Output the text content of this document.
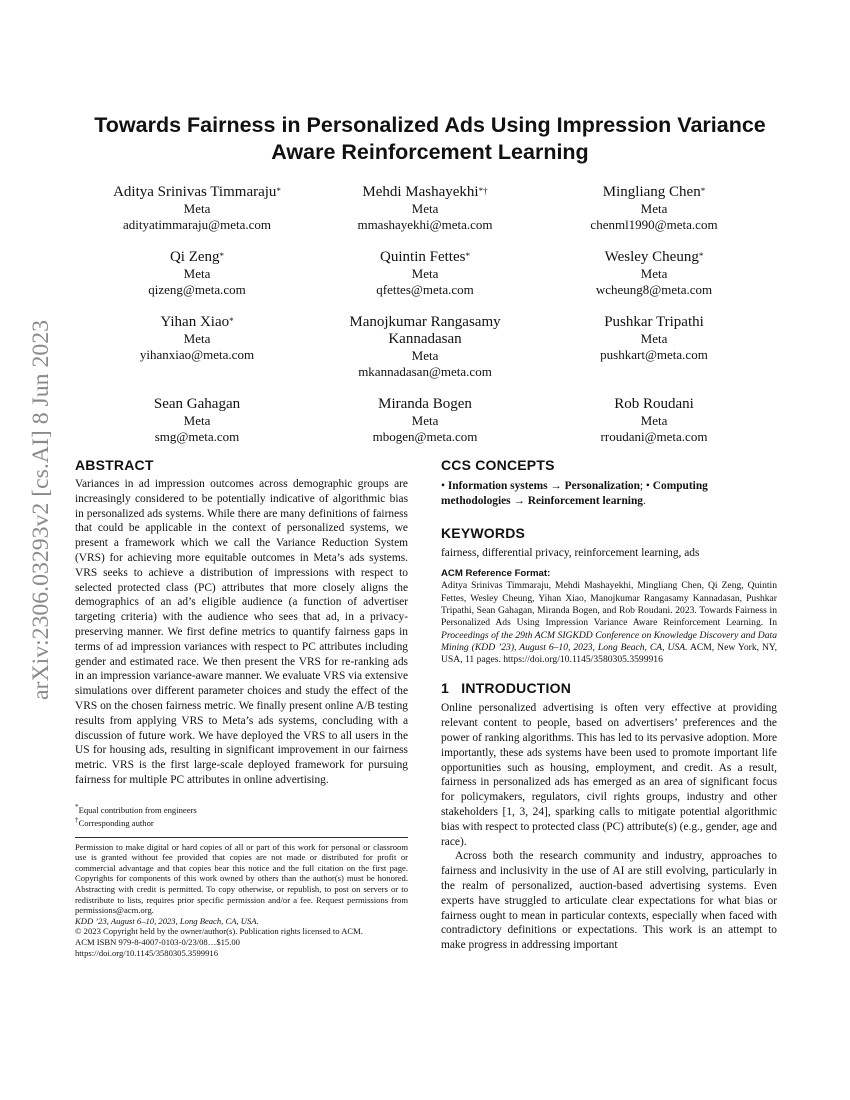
arXiv:2306.03293v2 [cs.AI] 8 Jun 2023
Towards Fairness in Personalized Ads Using Impression Variance Aware Reinforcement Learning
Aditya Srinivas Timmaraju*
Meta
adityatimmaraju@meta.com
Mehdi Mashayekhi*†
Meta
mmashayekhi@meta.com
Mingliang Chen*
Meta
chenml1990@meta.com
Qi Zeng*
Meta
qizeng@meta.com
Quintin Fettes*
Meta
qfettes@meta.com
Wesley Cheung*
Meta
wcheung8@meta.com
Yihan Xiao*
Meta
yihanxiao@meta.com
Manojkumar Rangasamy Kannadasan
Meta
mkannadasan@meta.com
Pushkar Tripathi
Meta
pushkart@meta.com
Sean Gahagan
Meta
smg@meta.com
Miranda Bogen
Meta
mbogen@meta.com
Rob Roudani
Meta
rroudani@meta.com
ABSTRACT

Variances in ad impression outcomes across demographic groups are increasingly considered to be potentially indicative of algorithmic bias in personalized ads systems. While there are many definitions of fairness that could be applicable in the context of personalized systems, we present a framework which we call the Variance Reduction System (VRS) for achieving more equitable outcomes in Meta’s ads systems. VRS seeks to achieve a distribution of impressions with respect to selected protected class (PC) attributes that more closely aligns the demographics of an ad’s eligible audience (a function of advertiser targeting criteria) with the audience who sees that ad, in a privacy-preserving manner. We first define metrics to quantify fairness gaps in terms of ad impression variances with respect to PC attributes including gender and estimated race. We then present the VRS for re-ranking ads in an impression variance-aware manner. We evaluate VRS via extensive simulations over different parameter choices and study the effect of the VRS on the chosen fairness metric. We finally present online A/B testing results from applying VRS to Meta’s ads systems, concluding with a discussion of future work. We have deployed the VRS to all users in the US for housing ads, resulting in significant improvement in our fairness metric. VRS is the first large-scale deployed framework for pursuing fairness for multiple PC attributes in online advertising.

*Equal contribution from engineers
†Corresponding author

Permission to make digital or hard copies of all or part of this work for personal or classroom use is granted without fee provided that copies are not made or distributed for profit or commercial advantage and that copies bear this notice and the full citation on the first page. Copyrights for components of this work owned by others than the author(s) must be honored. Abstracting with credit is permitted. To copy otherwise, or republish, to post on servers or to redistribute to lists, requires prior specific permission and/or a fee. Request permissions from permissions@acm.org.

KDD ’23, August 6–10, 2023, Long Beach, CA, USA.

© 2023 Copyright held by the owner/author(s). Publication rights licensed to ACM.

ACM ISBN 979-8-4007-0103-0/23/08…$15.00

https://doi.org/10.1145/3580305.3599916

CCS CONCEPTS

• Information systems → Personalization; • Computing methodologies → Reinforcement learning.

KEYWORDS

fairness, differential privacy, reinforcement learning, ads

ACM Reference Format:

Aditya Srinivas Timmaraju, Mehdi Mashayekhi, Mingliang Chen, Qi Zeng, Quintin Fettes, Wesley Cheung, Yihan Xiao, Manojkumar Rangasamy Kannadasan, Pushkar Tripathi, Sean Gahagan, Miranda Bogen, and Rob Roudani. 2023. Towards Fairness in Personalized Ads Using Impression Variance Aware Reinforcement Learning. In Proceedings of the 29th ACM SIGKDD Conference on Knowledge Discovery and Data Mining (KDD ’23), August 6–10, 2023, Long Beach, CA, USA. ACM, New York, NY, USA, 11 pages. https://doi.org/10.1145/3580305.3599916

1 INTRODUCTION

Online personalized advertising is often very effective at providing relevant content to people, based on advertisers’ preferences and the power of ranking algorithms. This has led to its pervasive adoption. More importantly, these ads systems have been used to promote important life opportunities such as housing, employment, and credit. As a result, fairness in personalized ads has emerged as an area of significant focus for policymakers, regulators, civil rights groups, industry and other stakeholders [1, 3, 24], sparking calls to mitigate potential algorithmic bias with respect to protected class (PC) attribute(s) (e.g., gender, age and race).

Across both the research community and industry, approaches to fairness and inclusivity in the use of AI are still evolving, particularly in the realm of personalized, auction-based advertising systems. Even experts have struggled to articulate clear expectations for what bias or fairness ought to mean in particular contexts, especially when faced with contradictory definitions or expectations. This work is an attempt to make progress in addressing important
